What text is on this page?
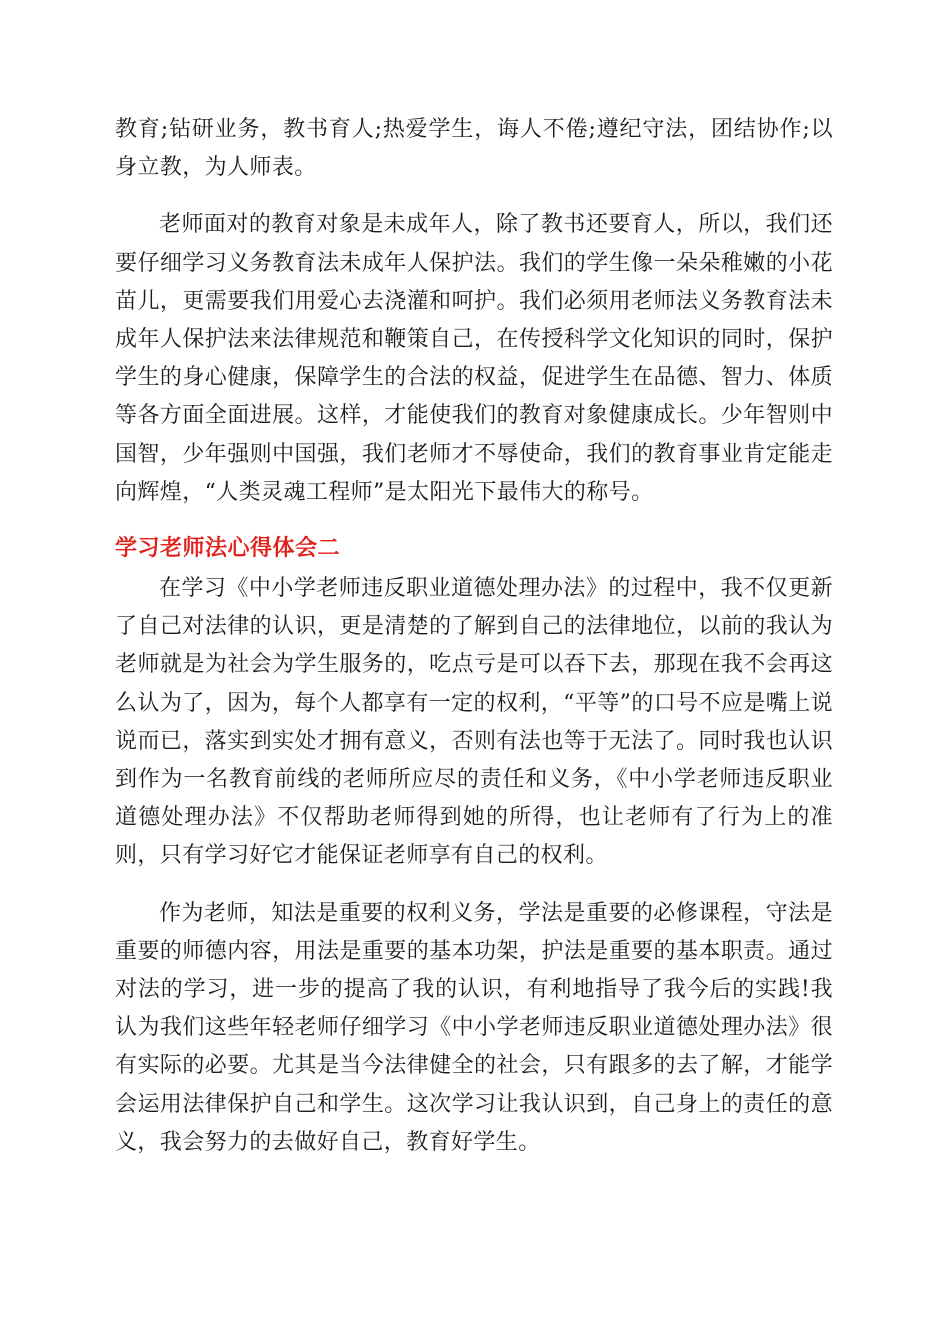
教育;钻研业务，教书育人;热爱学生，诲人不倦;遵纪守法，团结协作;以身立教，为人师表。

老师面对的教育对象是未成年人，除了教书还要育人，所以，我们还要仔细学习义务教育法未成年人保护法。我们的学生像一朵朵稚嫩的小花苗儿，更需要我们用爱心去浇灌和呵护。我们必须用老师法义务教育法未成年人保护法来法律规范和鞭策自己，在传授科学文化知识的同时，保护学生的身心健康，保障学生的合法的权益，促进学生在品德、智力、体质等各方面全面进展。这样，才能使我们的教育对象健康成长。少年智则中国智，少年强则中国强，我们老师才不辱使命，我们的教育事业肯定能走向辉煌，“人类灵魂工程师”是太阳光下最伟大的称号。

学习老师法心得体会二

在学习《中小学老师违反职业道德处理办法》的过程中，我不仅更新了自己对法律的认识，更是清楚的了解到自己的法律地位，以前的我认为老师就是为社会为学生服务的，吃点亏是可以吞下去，那现在我不会再这么认为了，因为，每个人都享有一定的权利，“平等”的口号不应是嘴上说说而已，落实到实处才拥有意义，否则有法也等于无法了。同时我也认识到作为一名教育前线的老师所应尽的责任和义务，《中小学老师违反职业道德处理办法》不仅帮助老师得到她的所得，也让老师有了行为上的准则，只有学习好它才能保证老师享有自己的权利。

作为老师，知法是重要的权利义务，学法是重要的必修课程，守法是重要的师德内容，用法是重要的基本功架，护法是重要的基本职责。通过对法的学习，进一步的提高了我的认识，有利地指导了我今后的实践!我认为我们这些年轻老师仔细学习《中小学老师违反职业道德处理办法》很有实际的必要。尤其是当今法律健全的社会，只有跟多的去了解，才能学会运用法律保护自己和学生。这次学习让我认识到，自己身上的责任的意义，我会努力的去做好自己，教育好学生。
